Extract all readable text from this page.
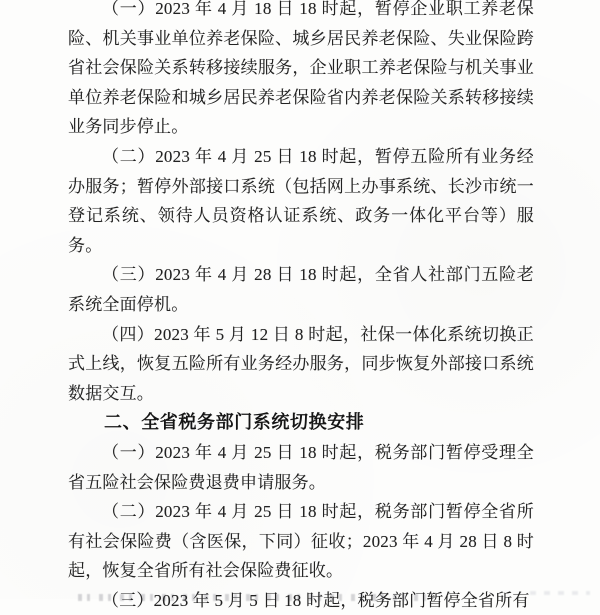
（一）2023 年 4 月 18 日 18 时起，暂停企业职工养老保险、机关事业单位养老保险、城乡居民养老保险、失业保险跨省社会保险关系转移接续服务，企业职工养老保险与机关事业单位养老保险和城乡居民养老保险省内养老保险关系转移接续业务同步停止。

（二）2023 年 4 月 25 日 18 时起，暂停五险所有业务经办服务；暂停外部接口系统（包括网上办事系统、长沙市统一登记系统、领待人员资格认证系统、政务一体化平台等）服务。

（三）2023 年 4 月 28 日 18 时起，全省人社部门五险老系统全面停机。

（四）2023 年 5 月 12 日 8 时起，社保一体化系统切换正式上线，恢复五险所有业务经办服务，同步恢复外部接口系统数据交互。

二、全省税务部门系统切换安排

（一）2023 年 4 月 25 日 18 时起，税务部门暂停受理全省五险社会保险费退费申请服务。

（二）2023 年 4 月 25 日 18 时起，税务部门暂停全省所有社会保险费（含医保，下同）征收；2023 年 4 月 28 日 8 时起，恢复全省所有社会保险费征收。

（三）2023 年 5 月 5 日 18 时起，税务部门暂停全省所有
